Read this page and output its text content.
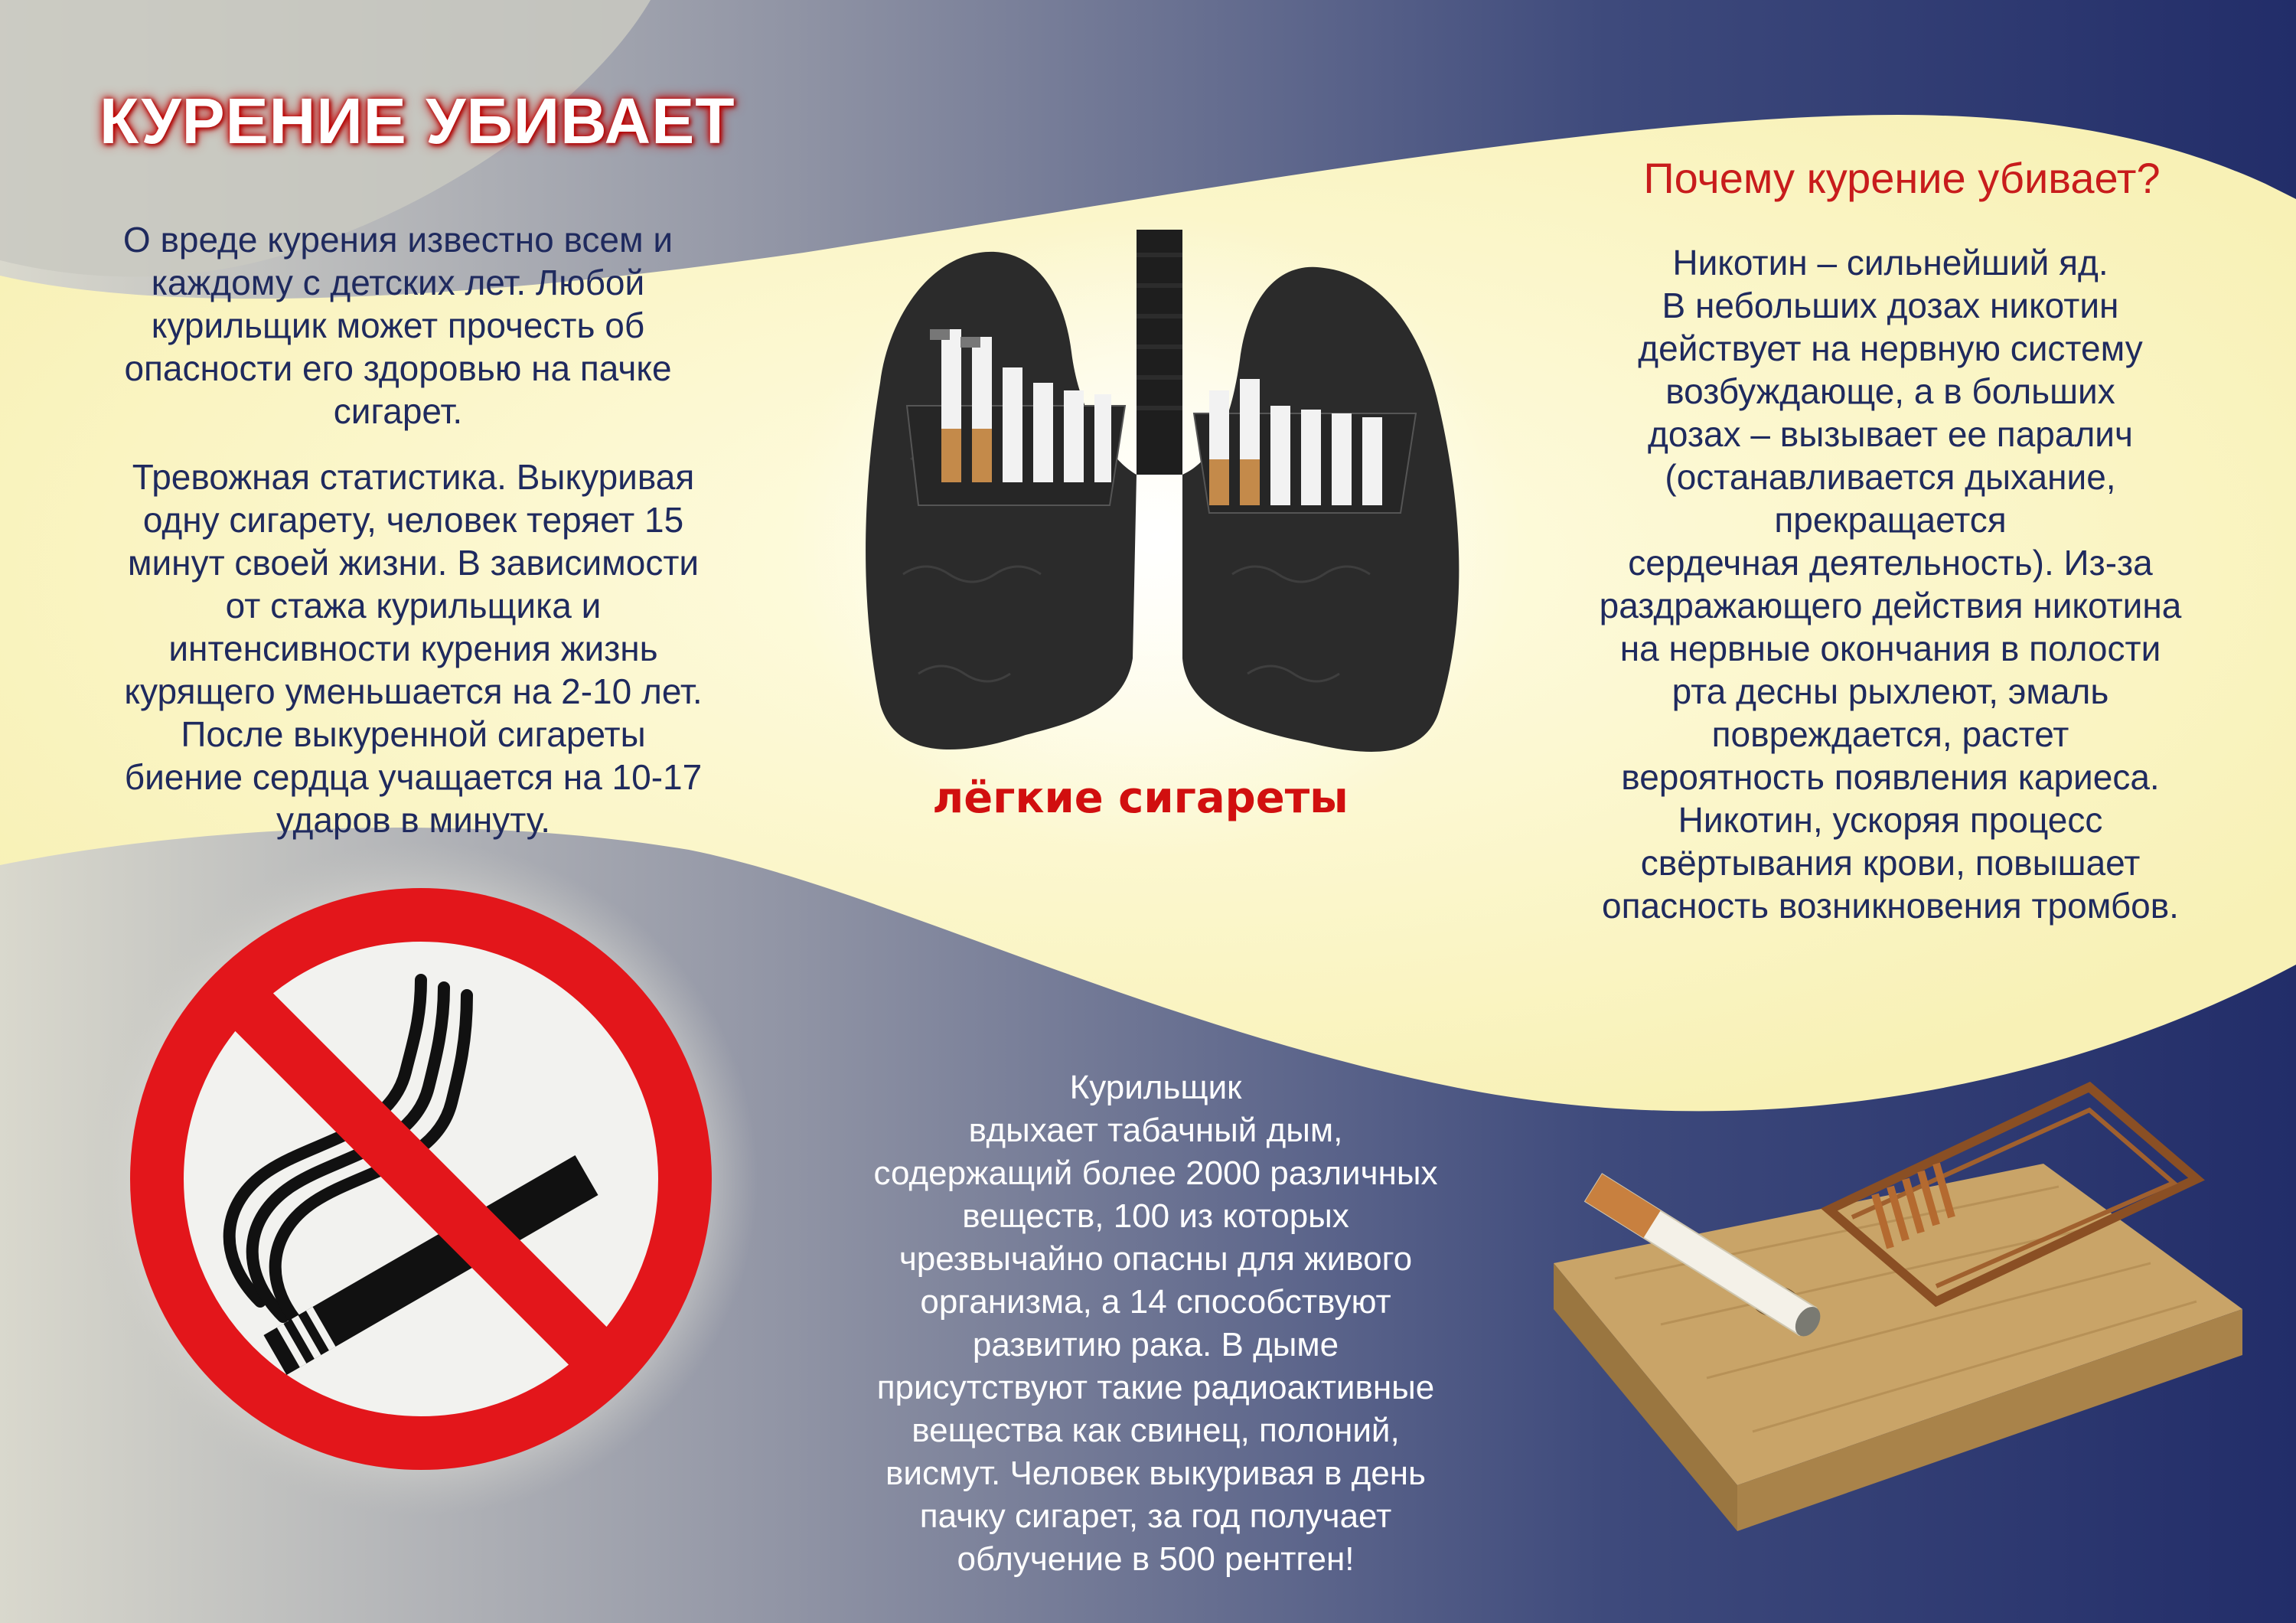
КУРЕНИЕ УБИВАЕТ
О вреде курения известно всем и
каждому с детских лет. Любой
курильщик может прочесть об
опасности его здоровью на пачке
сигарет.
Тревожная статистика. Выкуривая
одну сигарету, человек теряет 15
минут своей жизни. В зависимости
от стажа курильщика и
интенсивности курения жизнь
курящего уменьшается на 2-10 лет.
После выкуренной сигареты
биение сердца учащается на 10-17
ударов в минуту.
Почему курение убивает?
Никотин – сильнейший яд.
В небольших дозах никотин
действует на нервную систему
возбуждающе, а в больших
дозах – вызывает ее паралич
(останавливается дыхание,
прекращается
сердечная деятельность). Из-за
раздражающего действия никотина
на нервные окончания в полости
рта десны рыхлеют, эмаль
повреждается, растет
вероятность появления кариеса.
Никотин, ускоряя процесс
свёртывания крови, повышает
опасность возникновения тромбов.
лёгкие сигареты
Курильщик
вдыхает табачный дым,
содержащий более 2000 различных
веществ, 100 из которых
чрезвычайно опасны для живого
организма, а 14 способствуют
развитию рака. В дыме
присутствуют такие радиоактивные
вещества как свинец, полоний,
висмут. Человек выкуривая в день
пачку сигарет, за год получает
облучение в 500 рентген!
